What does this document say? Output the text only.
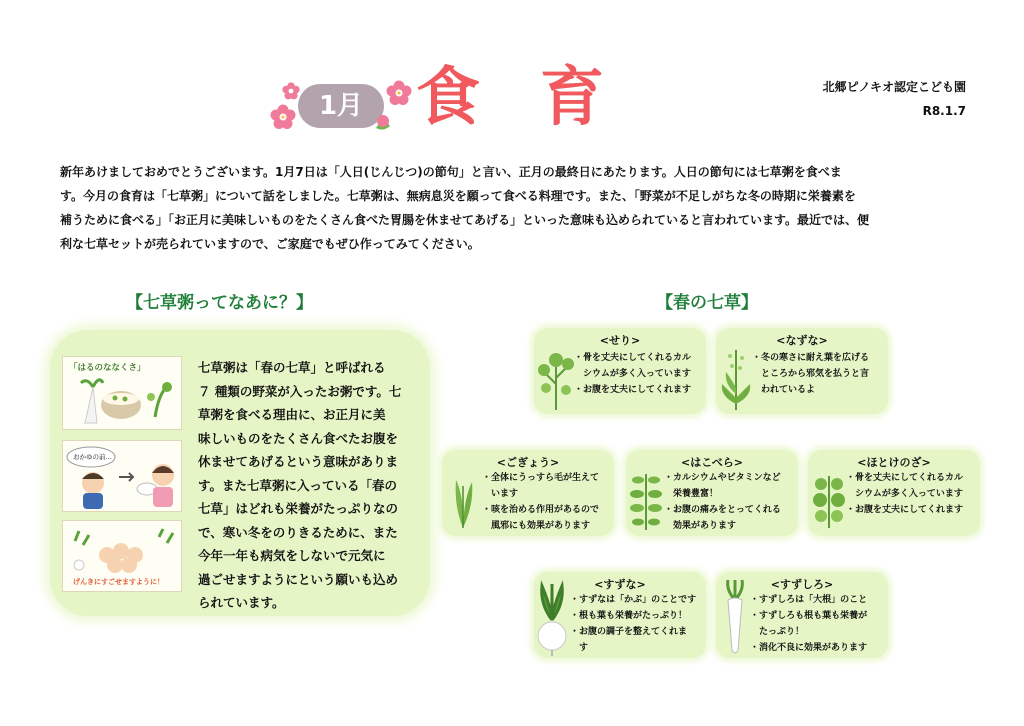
1月 食育	北郷ピノキオ認定こども園
R8.1.7
新年あけましておめでとうございます。1月7日は「人日(じんじつ)の節句」と言い、正月の最終日にあたります。人日の節句には七草粥を食べま
す。今月の食育は「七草粥」について話をしました。七草粥は、無病息災を願って食べる料理です。また、「野菜が不足しがちな冬の時期に栄養素を
補うために食べる」「お正月に美味しいものをたくさん食べた胃腸を休ませてあげる」といった意味も込められていると言われています。最近では、便
利な七草セットが売られていますので、ご家庭でもぜひ作ってみてください。
【七草粥ってなあに？】
「はるのななくさ」
おかゆの前…
げんきにすごせますように！
七草粥は「春の七草」と呼ばれる
７ 種類の野菜が入ったお粥です。七
草粥を食べる理由に、お正月に美
味しいものをたくさん食べたお腹を
休ませてあげるという意味がありま
す。また七草粥に入っている「春の
七草」はどれも栄養がたっぷりなの
で、寒い冬をのりきるために、また
今年一年も病気をしないで元気に
過ごせますようにという願いも込め
られています。
【春の七草】
<せり>
・骨を丈夫にしてくれるカル
　シウムが多く入っています
・お腹を丈夫にしてくれます
<なずな>
・冬の寒さに耐え葉を広げる
　ところから邪気を払うと言
　われているよ
<ごぎょう>
・全体にうっすら毛が生えて
　います
・咳を治める作用があるので
　風邪にも効果があります
<はこべら>
・カルシウムやビタミンなど
　栄養豊富！
・お腹の痛みをとってくれる
　効果があります
<ほとけのざ>
・骨を丈夫にしてくれるカル
　シウムが多く入っています
・お腹を丈夫にしてくれます
<すずな>
・すずなは「かぶ」のことです
・根も葉も栄養がたっぷり！
・お腹の調子を整えてくれま
　す
<すずしろ>
・すずしろは「大根」のこと
・すずしろも根も葉も栄養が
　たっぷり！
・消化不良に効果があります
